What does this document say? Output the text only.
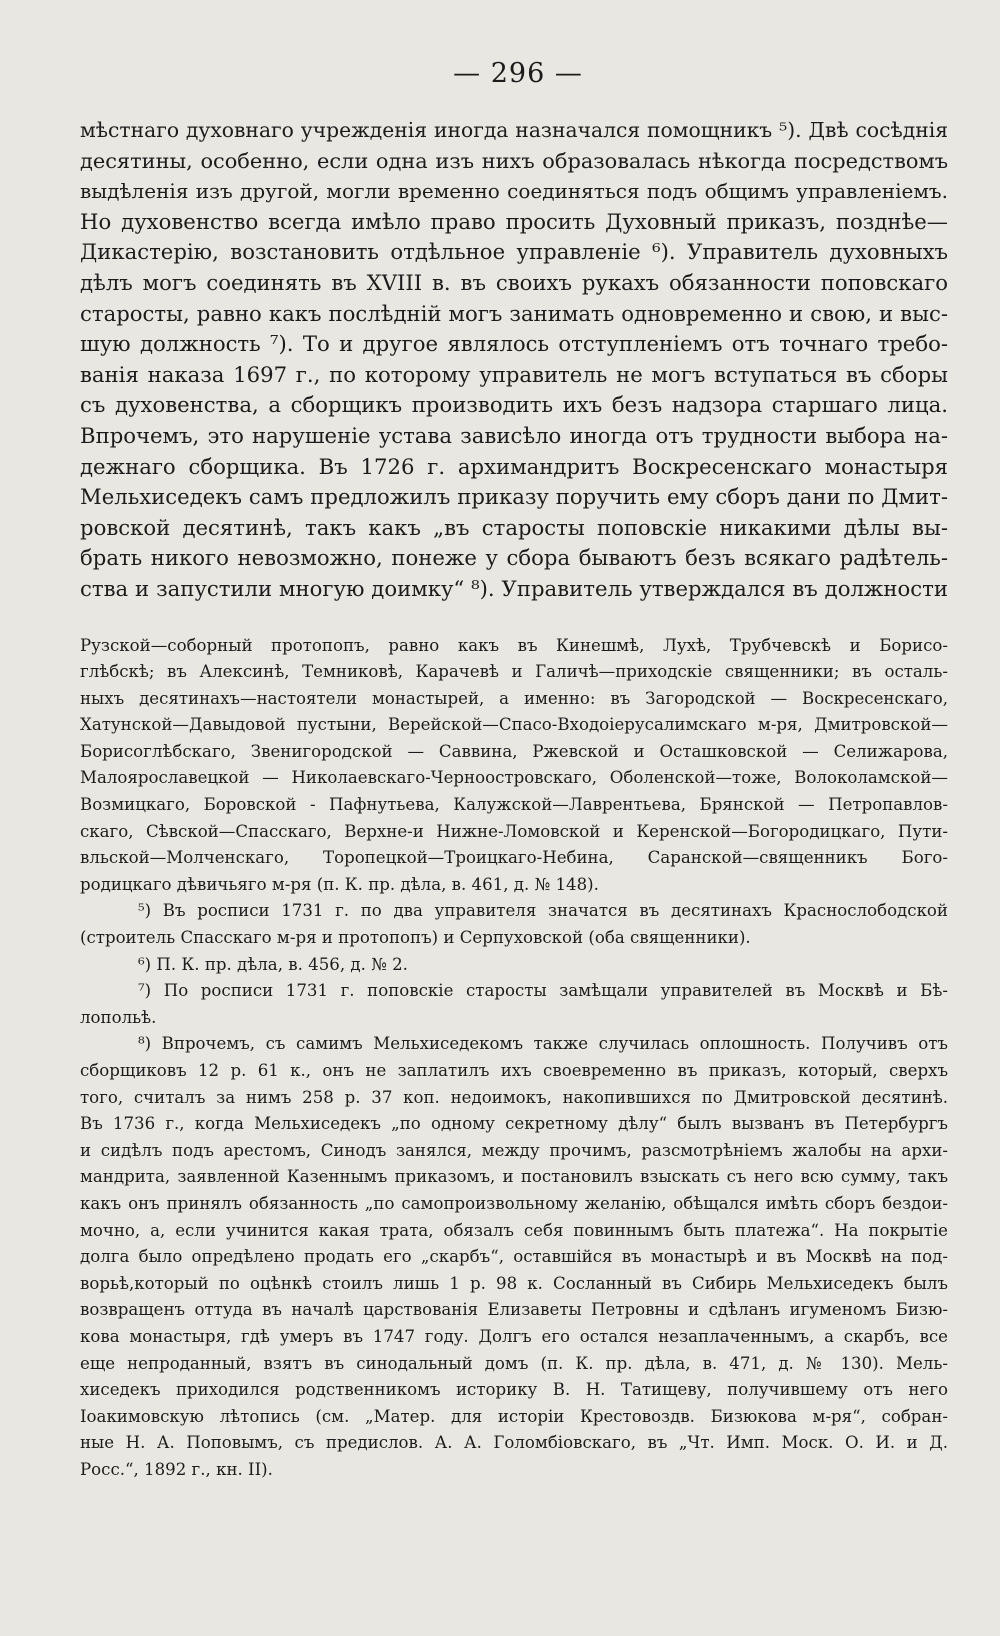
— 296 —
мѣстнаго духовнаго учрежденія иногда назначался помощникъ ⁵). Двѣ сосѣднія
десятины, особенно, если одна изъ нихъ образовалась нѣкогда посредствомъ
выдѣленія изъ другой, могли временно соединяться подъ общимъ управленіемъ.
Но духовенство всегда имѣло право просить Духовный приказъ, позднѣе—
Дикастерію, возстановить отдѣльное управленіе ⁶). Управитель духовныхъ
дѣлъ могъ соединять въ XVIII в. въ своихъ рукахъ обязанности поповскаго
старосты, равно какъ послѣдній могъ занимать одновременно и свою, и выс-
шую должность ⁷). То и другое являлось отступленіемъ отъ точнаго требо-
ванія наказа 1697 г., по которому управитель не могъ вступаться въ сборы
съ духовенства, а сборщикъ производить ихъ безъ надзора старшаго лица.
Впрочемъ, это нарушеніе устава зависѣло иногда отъ трудности выбора на-
дежнаго сборщика. Въ 1726 г. архимандритъ Воскресенскаго монастыря
Мельхиседекъ самъ предложилъ приказу поручить ему сборъ дани по Дмит-
ровской десятинѣ, такъ какъ „въ старосты поповскіе никакими дѣлы вы-
брать никого невозможно, понеже у сбора бываютъ безъ всякаго радѣтель-
ства и запустили многую доимку“ ⁸). Управитель утверждался въ должности
Рузской—соборный протопопъ, равно какъ въ Кинешмѣ, Лухѣ, Трубчевскѣ и Борисо-
глѣбскѣ; въ Алексинѣ, Темниковѣ, Карачевѣ и Галичѣ—приходскіе священники; въ осталь-
ныхъ десятинахъ—настоятели монастырей, а именно: въ Загородской — Воскресенскаго,
Хатунской—Давыдовой пустыни, Верейской—Спасо-Входоіерусалимскаго м-ря, Дмитровской—
Борисоглѣбскаго, Звенигородской — Саввина, Ржевской и Осташковской — Селижарова,
Малоярославецкой — Николаевскаго-Черноостровскаго, Оболенской—тоже, Волоколамской—
Возмицкаго, Боровской - Пафнутьева, Калужской—Лаврентьева, Брянской — Петропавлов-
скаго, Сѣвской—Спасскаго, Верхне-и Нижне-Ломовской и Керенской—Богородицкаго, Пути-
вльской—Молченскаго, Торопецкой—Троицкаго-Небина, Саранской—священникъ Бого-
родицкаго дѣвичьяго м-ря (п. К. пр. дѣла, в. 461, д. № 148).
⁵) Въ росписи 1731 г. по два управителя значатся въ десятинахъ Краснослободской
(строитель Спасскаго м-ря и протопопъ) и Серпуховской (оба священники).
⁶) П. К. пр. дѣла, в. 456, д. № 2.
⁷) По росписи 1731 г. поповскіе старосты замѣщали управителей въ Москвѣ и Бѣ-
лопольѣ.
⁸) Впрочемъ, съ самимъ Мельхиседекомъ также случилась оплошность. Получивъ отъ
сборщиковъ 12 р. 61 к., онъ не заплатилъ ихъ своевременно въ приказъ, который, сверхъ
того, считалъ за нимъ 258 р. 37 коп. недоимокъ, накопившихся по Дмитровской десятинѣ.
Въ 1736 г., когда Мельхиседекъ „по одному секретному дѣлу“ былъ вызванъ въ Петербургъ
и сидѣлъ подъ арестомъ, Синодъ занялся, между прочимъ, разсмотрѣніемъ жалобы на архи-
мандрита, заявленной Казеннымъ приказомъ, и постановилъ взыскать съ него всю сумму, такъ
какъ онъ принялъ обязанность „по самопроизвольному желанію, обѣщался имѣть сборъ бездои-
мочно, а, если учинится какая трата, обязалъ себя повиннымъ быть платежа“. На покрытіе
долга было опредѣлено продать его „скарбъ“, оставшійся въ монастырѣ и въ Москвѣ на под-
ворьѣ,который по оцѣнкѣ стоилъ лишь 1 р. 98 к. Сосланный въ Сибирь Мельхиседекъ былъ
возвращенъ оттуда въ началѣ царствованія Елизаветы Петровны и сдѣланъ игуменомъ Бизю-
кова монастыря, гдѣ умеръ въ 1747 году. Долгъ его остался незаплаченнымъ, а скарбъ, все
еще непроданный, взятъ въ синодальный домъ (п. К. пр. дѣла, в. 471, д. № 130). Мель-
хиседекъ приходился родственникомъ историку В. Н. Татищеву, получившему отъ него
Іоакимовскую лѣтопись (см. „Матер. для исторіи Крестовоздв. Бизюкова м-ря“, собран-
ные Н. А. Поповымъ, съ предислов. А. А. Голомбіовскаго, въ „Чт. Имп. Моск. О. И. и Д.
Росс.“, 1892 г., кн. II).
